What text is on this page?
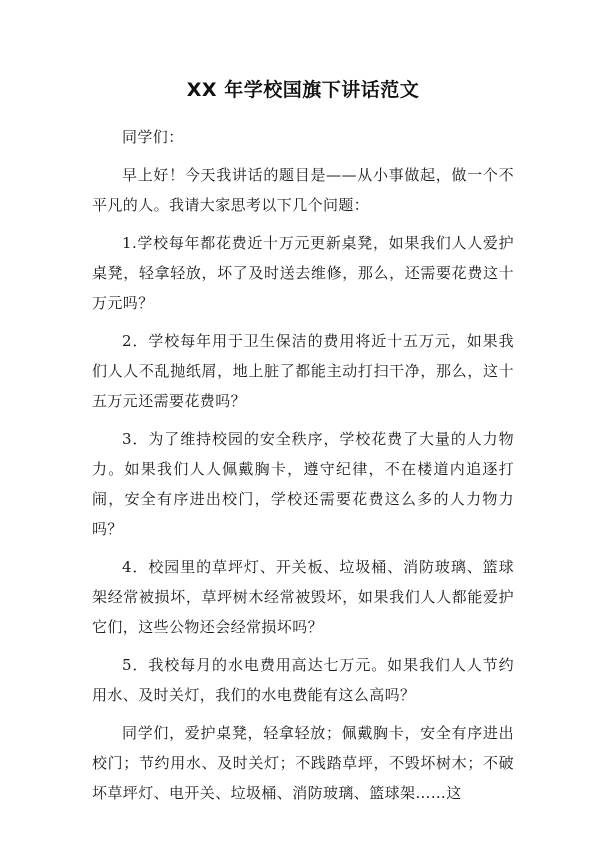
XX 年学校国旗下讲话范文

同学们：

早上好！今天我讲话的题目是——从小事做起，做一个不平凡的人。我请大家思考以下几个问题：

1.学校每年都花费近十万元更新桌凳，如果我们人人爱护桌凳，轻拿轻放，坏了及时送去维修，那么，还需要花费这十万元吗？

2．学校每年用于卫生保洁的费用将近十五万元，如果我们人人不乱抛纸屑，地上脏了都能主动打扫干净，那么，这十五万元还需要花费吗？

3．为了维持校园的安全秩序，学校花费了大量的人力物力。如果我们人人佩戴胸卡，遵守纪律，不在楼道内追逐打闹，安全有序进出校门，学校还需要花费这么多的人力物力吗？

4．校园里的草坪灯、开关板、垃圾桶、消防玻璃、篮球架经常被损坏，草坪树木经常被毁坏，如果我们人人都能爱护它们，这些公物还会经常损坏吗？

5．我校每月的水电费用高达七万元。如果我们人人节约用水、及时关灯，我们的水电费能有这么高吗？

同学们，爱护桌凳，轻拿轻放；佩戴胸卡，安全有序进出校门；节约用水、及时关灯；不践踏草坪，不毁坏树木；不破坏草坪灯、电开关、垃圾桶、消防玻璃、篮球架……这
